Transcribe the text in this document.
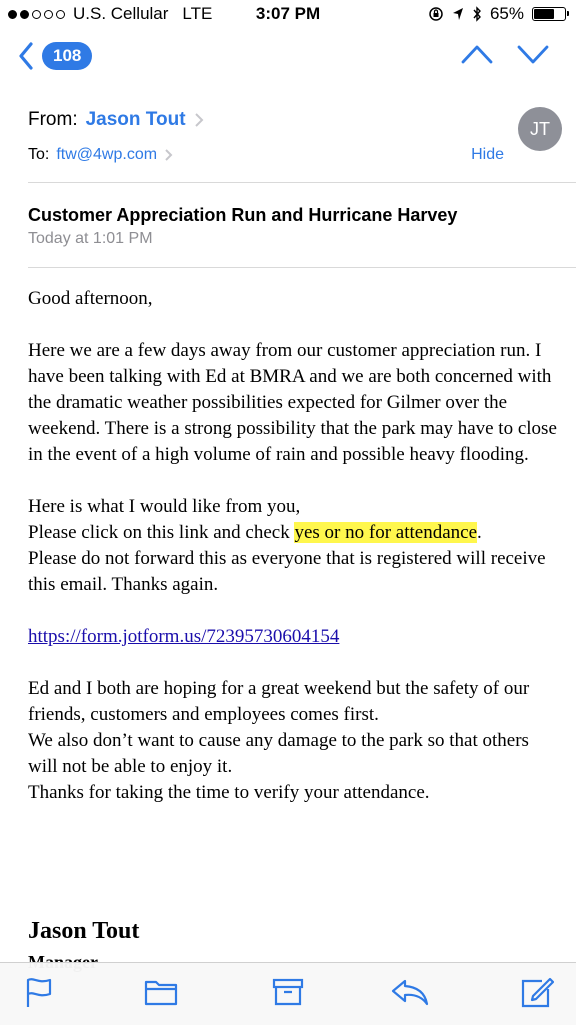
U.S. Cellular LTE	3:07 PM	65%
108
From: Jason Tout
To: ftw@4wp.com	Hide
JT
Customer Appreciation Run and Hurricane Harvey
Today at 1:01 PM

Good afternoon,

Here we are a few days away from our customer appreciation run. I have been talking with Ed at BMRA and we are both concerned with the dramatic weather possibilities expected for Gilmer over the weekend. There is a strong possibility that the park may have to close in the event of a high volume of rain and possible heavy flooding.

Here is what I would like from you,
Please click on this link and check yes or no for attendance.
Please do not forward this as everyone that is registered will receive this email. Thanks again.

https://form.jotform.us/72395730604154

Ed and I both are hoping for a great weekend but the safety of our friends, customers and employees comes first.
We also don’t want to cause any damage to the park so that others will not be able to enjoy it.
Thanks for taking the time to verify your attendance.

Jason Tout
